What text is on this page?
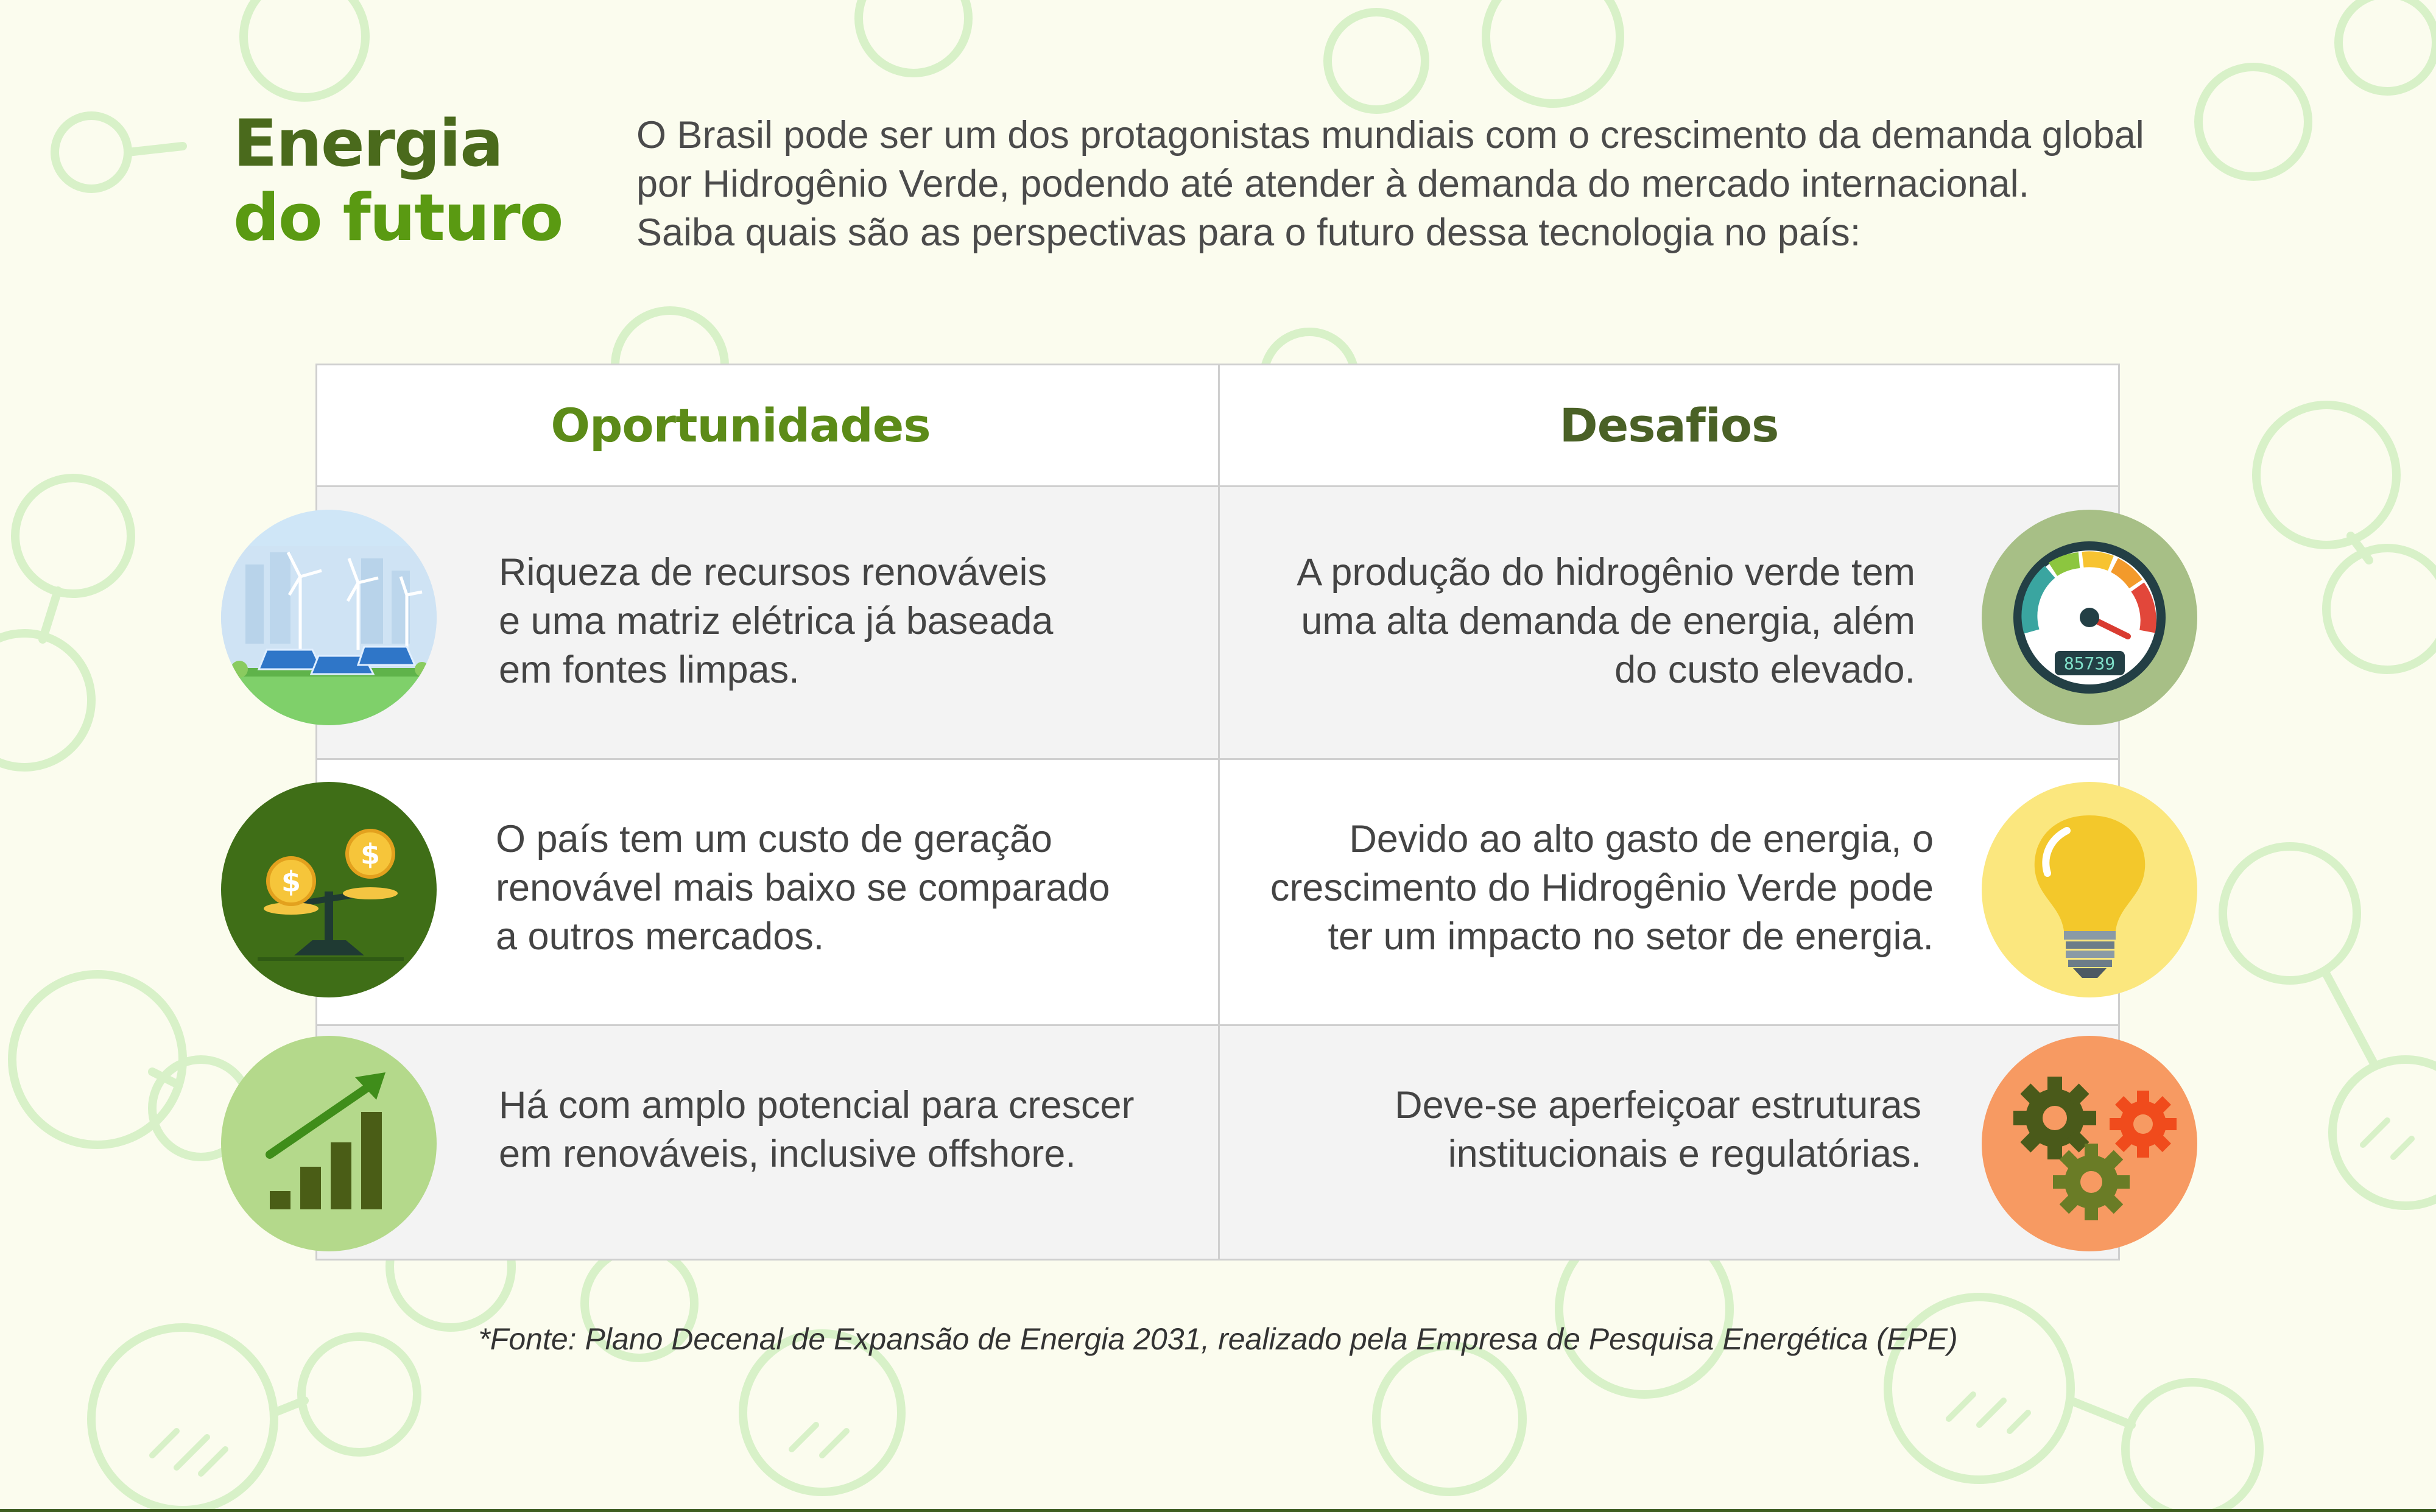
Energia
do futuro

O Brasil pode ser um dos protagonistas mundiais com o crescimento da demanda global
por Hidrogênio Verde, podendo até atender à demanda do mercado internacional.
Saiba quais são as perspectivas para o futuro dessa tecnologia no país:

Oportunidades	Desafios
Riqueza de recursos renováveis
e uma matriz elétrica já baseada
em fontes limpas.
A produção do hidrogênio verde tem
uma alta demanda de energia, além
do custo elevado.
O país tem um custo de geração
renovável mais baixo se comparado
a outros mercados.
Devido ao alto gasto de energia, o
crescimento do Hidrogênio Verde pode
ter um impacto no setor de energia.
Há com amplo potencial para crescer
em renováveis, inclusive offshore.
Deve-se aperfeiçoar estruturas
institucionais e regulatórias.
$
$
85739
*Fonte: Plano Decenal de Expansão de Energia 2031, realizado pela Empresa de Pesquisa Energética (EPE)
